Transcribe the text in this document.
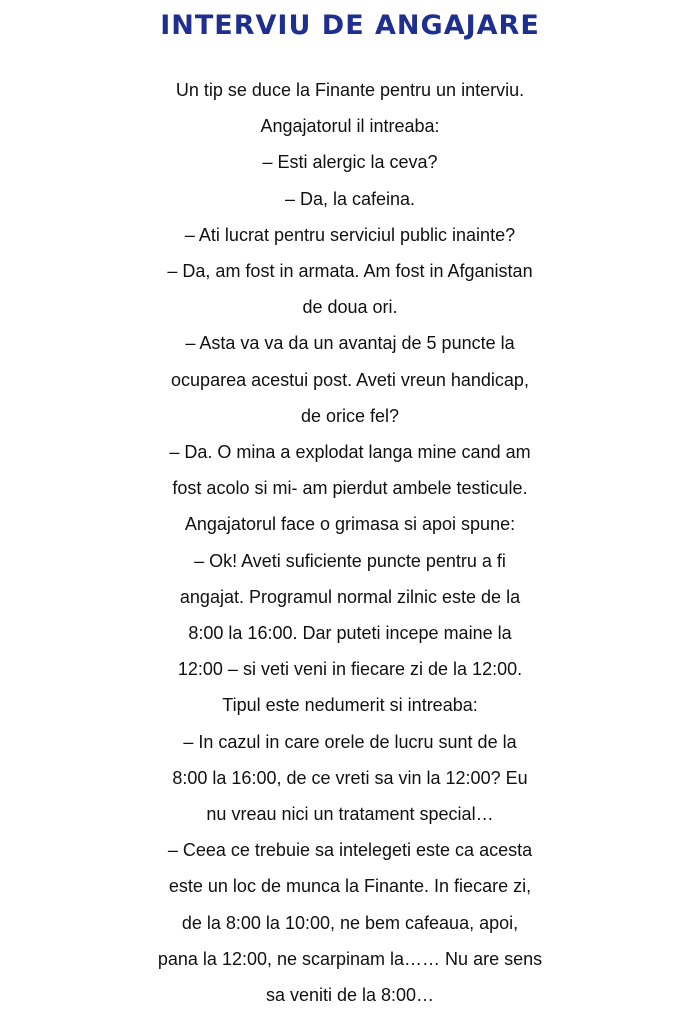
INTERVIU DE ANGAJARE
Un tip se duce la Finante pentru un interviu.
Angajatorul il intreaba:
– Esti alergic la ceva?
– Da, la cafeina.
– Ati lucrat pentru serviciul public inainte?
– Da, am fost in armata. Am fost in Afganistan
de doua ori.
– Asta va va da un avantaj de 5 puncte la
ocuparea acestui post. Aveti vreun handicap,
de orice fel?
– Da. O mina a explodat langa mine cand am
fost acolo si mi- am pierdut ambele testicule.
Angajatorul face o grimasa si apoi spune:
– Ok! Aveti suficiente puncte pentru a fi
angajat. Programul normal zilnic este de la
8:00 la 16:00. Dar puteti incepe maine la
12:00 – si veti veni in fiecare zi de la 12:00.
Tipul este nedumerit si intreaba:
– In cazul in care orele de lucru sunt de la
8:00 la 16:00, de ce vreti sa vin la 12:00? Eu
nu vreau nici un tratament special…
– Ceea ce trebuie sa intelegeti este ca acesta
este un loc de munca la Finante. In fiecare zi,
de la 8:00 la 10:00, ne bem cafeaua, apoi,
pana la 12:00, ne scarpinam la…… Nu are sens
sa veniti de la 8:00…
